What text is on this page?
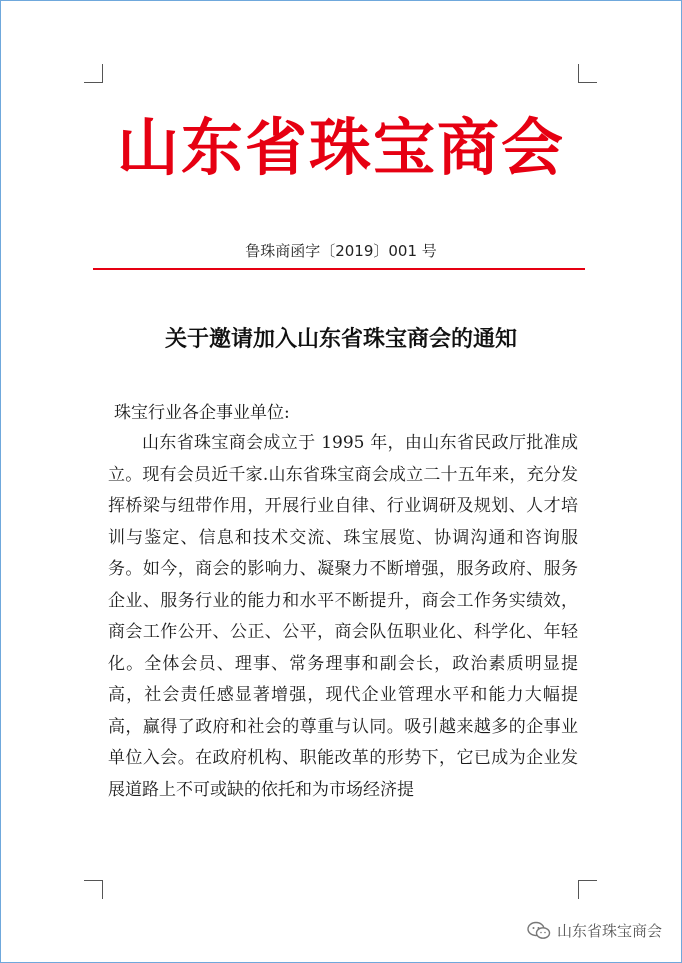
山东省珠宝商会
鲁珠商函字〔2019〕001 号
关于邀请加入山东省珠宝商会的通知
珠宝行业各企事业单位:

山东省珠宝商会成立于 1995 年，由山东省民政厅批准成立。现有会员近千家.山东省珠宝商会成立二十五年来，充分发挥桥梁与纽带作用，开展行业自律、行业调研及规划、人才培训与鉴定、信息和技术交流、珠宝展览、协调沟通和咨询服务。如今，商会的影响力、凝聚力不断增强，服务政府、服务企业、服务行业的能力和水平不断提升，商会工作务实绩效，商会工作公开、公正、公平，商会队伍职业化、科学化、年轻化。全体会员、理事、常务理事和副会长，政治素质明显提高，社会责任感显著增强，现代企业管理水平和能力大幅提高，赢得了政府和社会的尊重与认同。吸引越来越多的企事业单位入会。在政府机构、职能改革的形势下，它已成为企业发展道路上不可或缺的依托和为市场经济提

山东省珠宝商会
